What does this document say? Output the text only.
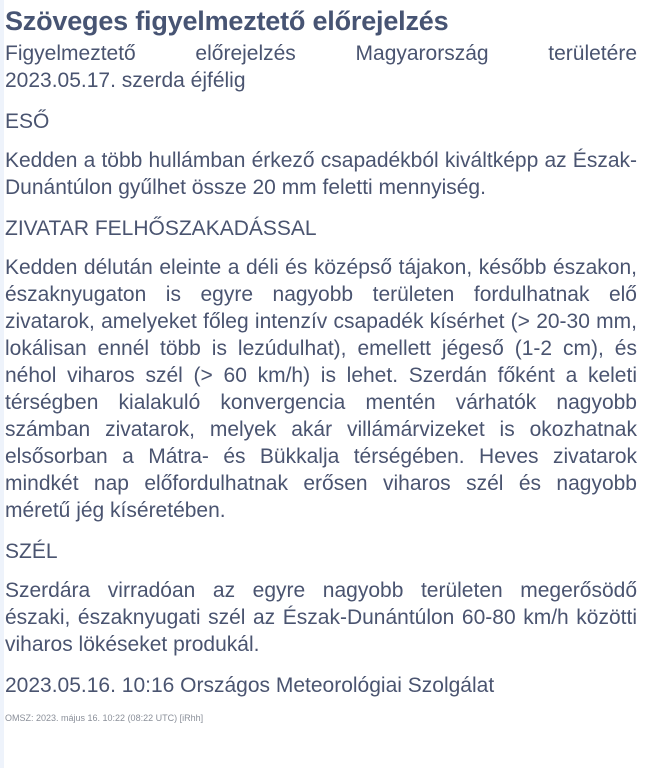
Szöveges figyelmeztető előrejelzés
Figyelmeztető	előrejelzés	Magyarország	területére
2023.05.17. szerda éjfélig
ESŐ
Kedden a több hullámban érkező csapadékból kiváltképp az Észak-Dunántúlon gyűlhet össze 20 mm feletti mennyiség.
ZIVATAR FELHŐSZAKADÁSSAL
Kedden délután eleinte a déli és középső tájakon, később északon, északnyugaton is egyre nagyobb területen fordulhatnak elő zivatarok, amelyeket főleg intenzív csapadék kísérhet (> 20-30 mm, lokálisan ennél több is lezúdulhat), emellett jégeső (1-2 cm), és néhol viharos szél (> 60 km/h) is lehet. Szerdán főként a keleti térségben kialakuló konvergencia mentén várhatók nagyobb számban zivatarok, melyek akár villámárvizeket is okozhatnak elsősorban a Mátra- és Bükkalja térségében. Heves zivatarok mindkét nap előfordulhatnak erősen viharos szél és nagyobb méretű jég kíséretében.
SZÉL
Szerdára virradóan az egyre nagyobb területen megerősödő északi, északnyugati szél az Észak-Dunántúlon 60-80 km/h közötti viharos lökéseket produkál.
2023.05.16. 10:16 Országos Meteorológiai Szolgálat
OMSZ: 2023. május 16. 10:22 (08:22 UTC) [iRhh]
